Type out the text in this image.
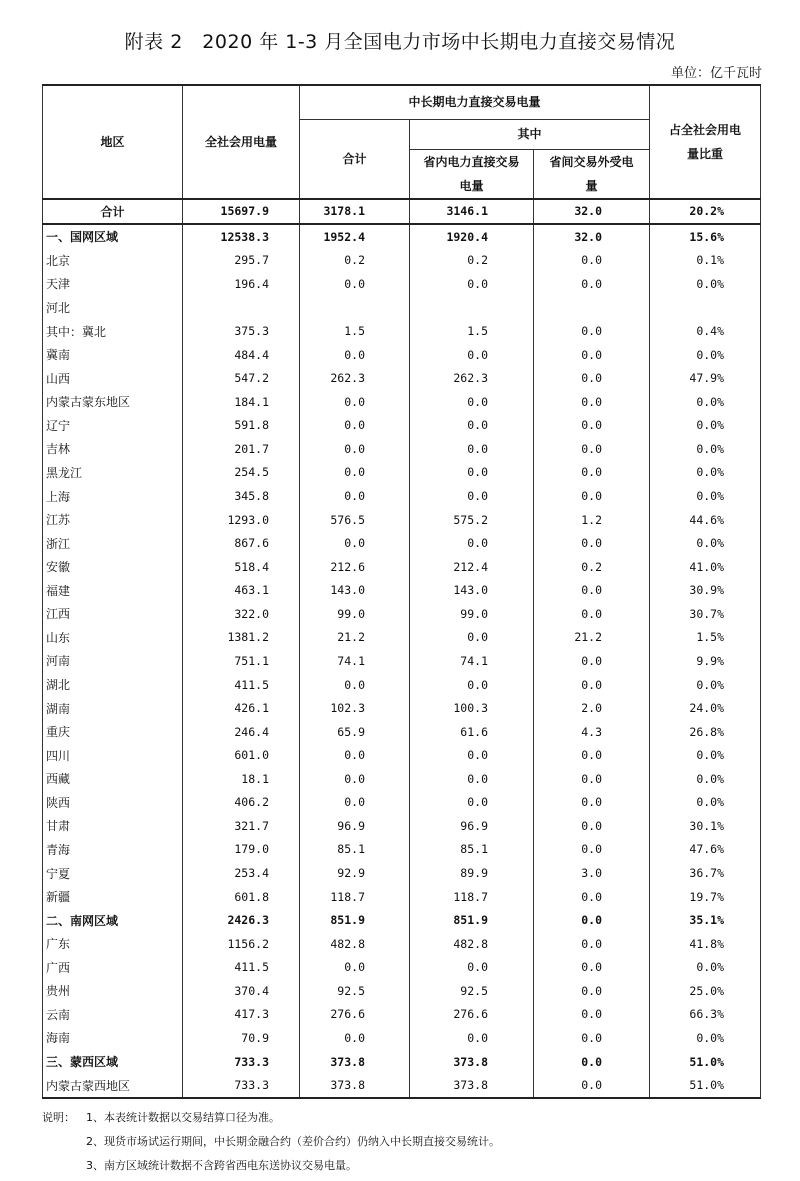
附表 2　2020 年 1-3 月全国电力市场中长期电力直接交易情况
单位：亿千瓦时
地区	全社会用电量	中长期电力直接交易电量			占全社会用电量比重
		合计	其中		
			省内电力直接交易电量	省间交易外受电量	
合计	15697.9	3178.1	3146.1	32.0	20.2%
一、国网区域	12538.3	1952.4	1920.4	32.0	15.6%
北京	295.7	0.2	0.2	0.0	0.1%
天津	196.4	0.0	0.0	0.0	0.0%
河北					
其中：冀北	375.3	1.5	1.5	0.0	0.4%
冀南	484.4	0.0	0.0	0.0	0.0%
山西	547.2	262.3	262.3	0.0	47.9%
内蒙古蒙东地区	184.1	0.0	0.0	0.0	0.0%
辽宁	591.8	0.0	0.0	0.0	0.0%
吉林	201.7	0.0	0.0	0.0	0.0%
黑龙江	254.5	0.0	0.0	0.0	0.0%
上海	345.8	0.0	0.0	0.0	0.0%
江苏	1293.0	576.5	575.2	1.2	44.6%
浙江	867.6	0.0	0.0	0.0	0.0%
安徽	518.4	212.6	212.4	0.2	41.0%
福建	463.1	143.0	143.0	0.0	30.9%
江西	322.0	99.0	99.0	0.0	30.7%
山东	1381.2	21.2	0.0	21.2	1.5%
河南	751.1	74.1	74.1	0.0	9.9%
湖北	411.5	0.0	0.0	0.0	0.0%
湖南	426.1	102.3	100.3	2.0	24.0%
重庆	246.4	65.9	61.6	4.3	26.8%
四川	601.0	0.0	0.0	0.0	0.0%
西藏	18.1	0.0	0.0	0.0	0.0%
陕西	406.2	0.0	0.0	0.0	0.0%
甘肃	321.7	96.9	96.9	0.0	30.1%
青海	179.0	85.1	85.1	0.0	47.6%
宁夏	253.4	92.9	89.9	3.0	36.7%
新疆	601.8	118.7	118.7	0.0	19.7%
二、南网区域	2426.3	851.9	851.9	0.0	35.1%
广东	1156.2	482.8	482.8	0.0	41.8%
广西	411.5	0.0	0.0	0.0	0.0%
贵州	370.4	92.5	92.5	0.0	25.0%
云南	417.3	276.6	276.6	0.0	66.3%
海南	70.9	0.0	0.0	0.0	0.0%
三、蒙西区域	733.3	373.8	373.8	0.0	51.0%
内蒙古蒙西地区	733.3	373.8	373.8	0.0	51.0%
说明：	1、本表统计数据以交易结算口径为准。
2、现货市场试运行期间，中长期金融合约（差价合约）仍纳入中长期直接交易统计。
3、南方区域统计数据不含跨省西电东送协议交易电量。
